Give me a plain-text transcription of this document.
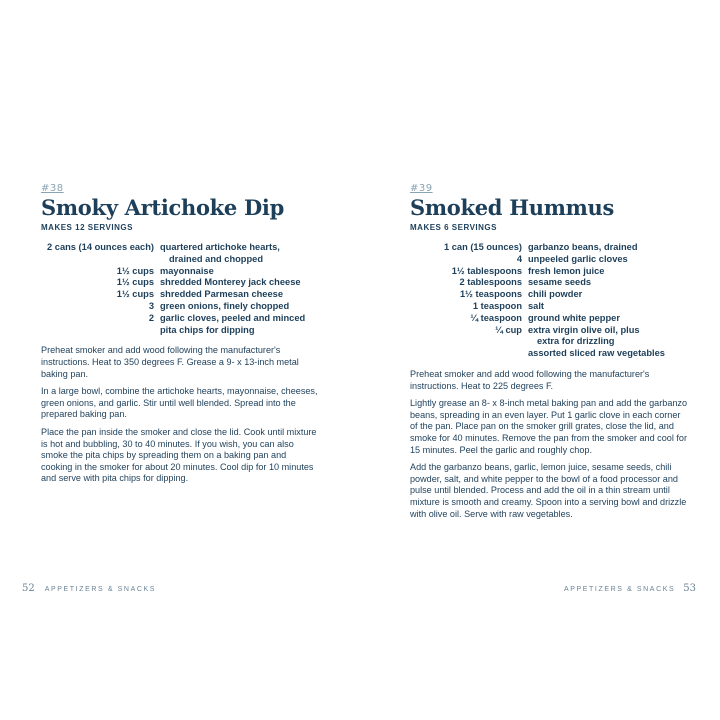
#38
Smoky Artichoke Dip
MAKES 12 SERVINGS
2 cans (14 ounces each) quartered artichoke hearts,
drained and chopped
1½ cups mayonnaise
1½ cups shredded Monterey jack cheese
1½ cups shredded Parmesan cheese
3 green onions, finely chopped
2 garlic cloves, peeled and minced
pita chips for dipping

Preheat smoker and add wood following the manufacturer's instructions. Heat to 350 degrees F. Grease a 9- x 13-inch metal baking pan.

In a large bowl, combine the artichoke hearts, mayonnaise, cheeses, green onions, and garlic. Stir until well blended. Spread into the prepared baking pan.

Place the pan inside the smoker and close the lid. Cook until mixture is hot and bubbling, 30 to 40 minutes. If you wish, you can also smoke the pita chips by spreading them on a baking pan and cooking in the smoker for about 20 minutes. Cool dip for 10 minutes and serve with pita chips for dipping.

52 APPETIZERS & SNACKS
#39
Smoked Hummus
MAKES 6 SERVINGS
1 can (15 ounces) garbanzo beans, drained
4 unpeeled garlic cloves
1½ tablespoons fresh lemon juice
2 tablespoons sesame seeds
1½ teaspoons chili powder
1 teaspoon salt
¼ teaspoon ground white pepper
¼ cup extra virgin olive oil, plus
extra for drizzling
assorted sliced raw vegetables

Preheat smoker and add wood following the manufacturer's instructions. Heat to 225 degrees F.

Lightly grease an 8- x 8-inch metal baking pan and add the garbanzo beans, spreading in an even layer. Put 1 garlic clove in each corner of the pan. Place pan on the smoker grill grates, close the lid, and smoke for 40 minutes. Remove the pan from the smoker and cool for 15 minutes. Peel the garlic and roughly chop.

Add the garbanzo beans, garlic, lemon juice, sesame seeds, chili powder, salt, and white pepper to the bowl of a food processor and pulse until blended. Process and add the oil in a thin stream until mixture is smooth and creamy. Spoon into a serving bowl and drizzle with olive oil. Serve with raw vegetables.

APPETIZERS & SNACKS 53
